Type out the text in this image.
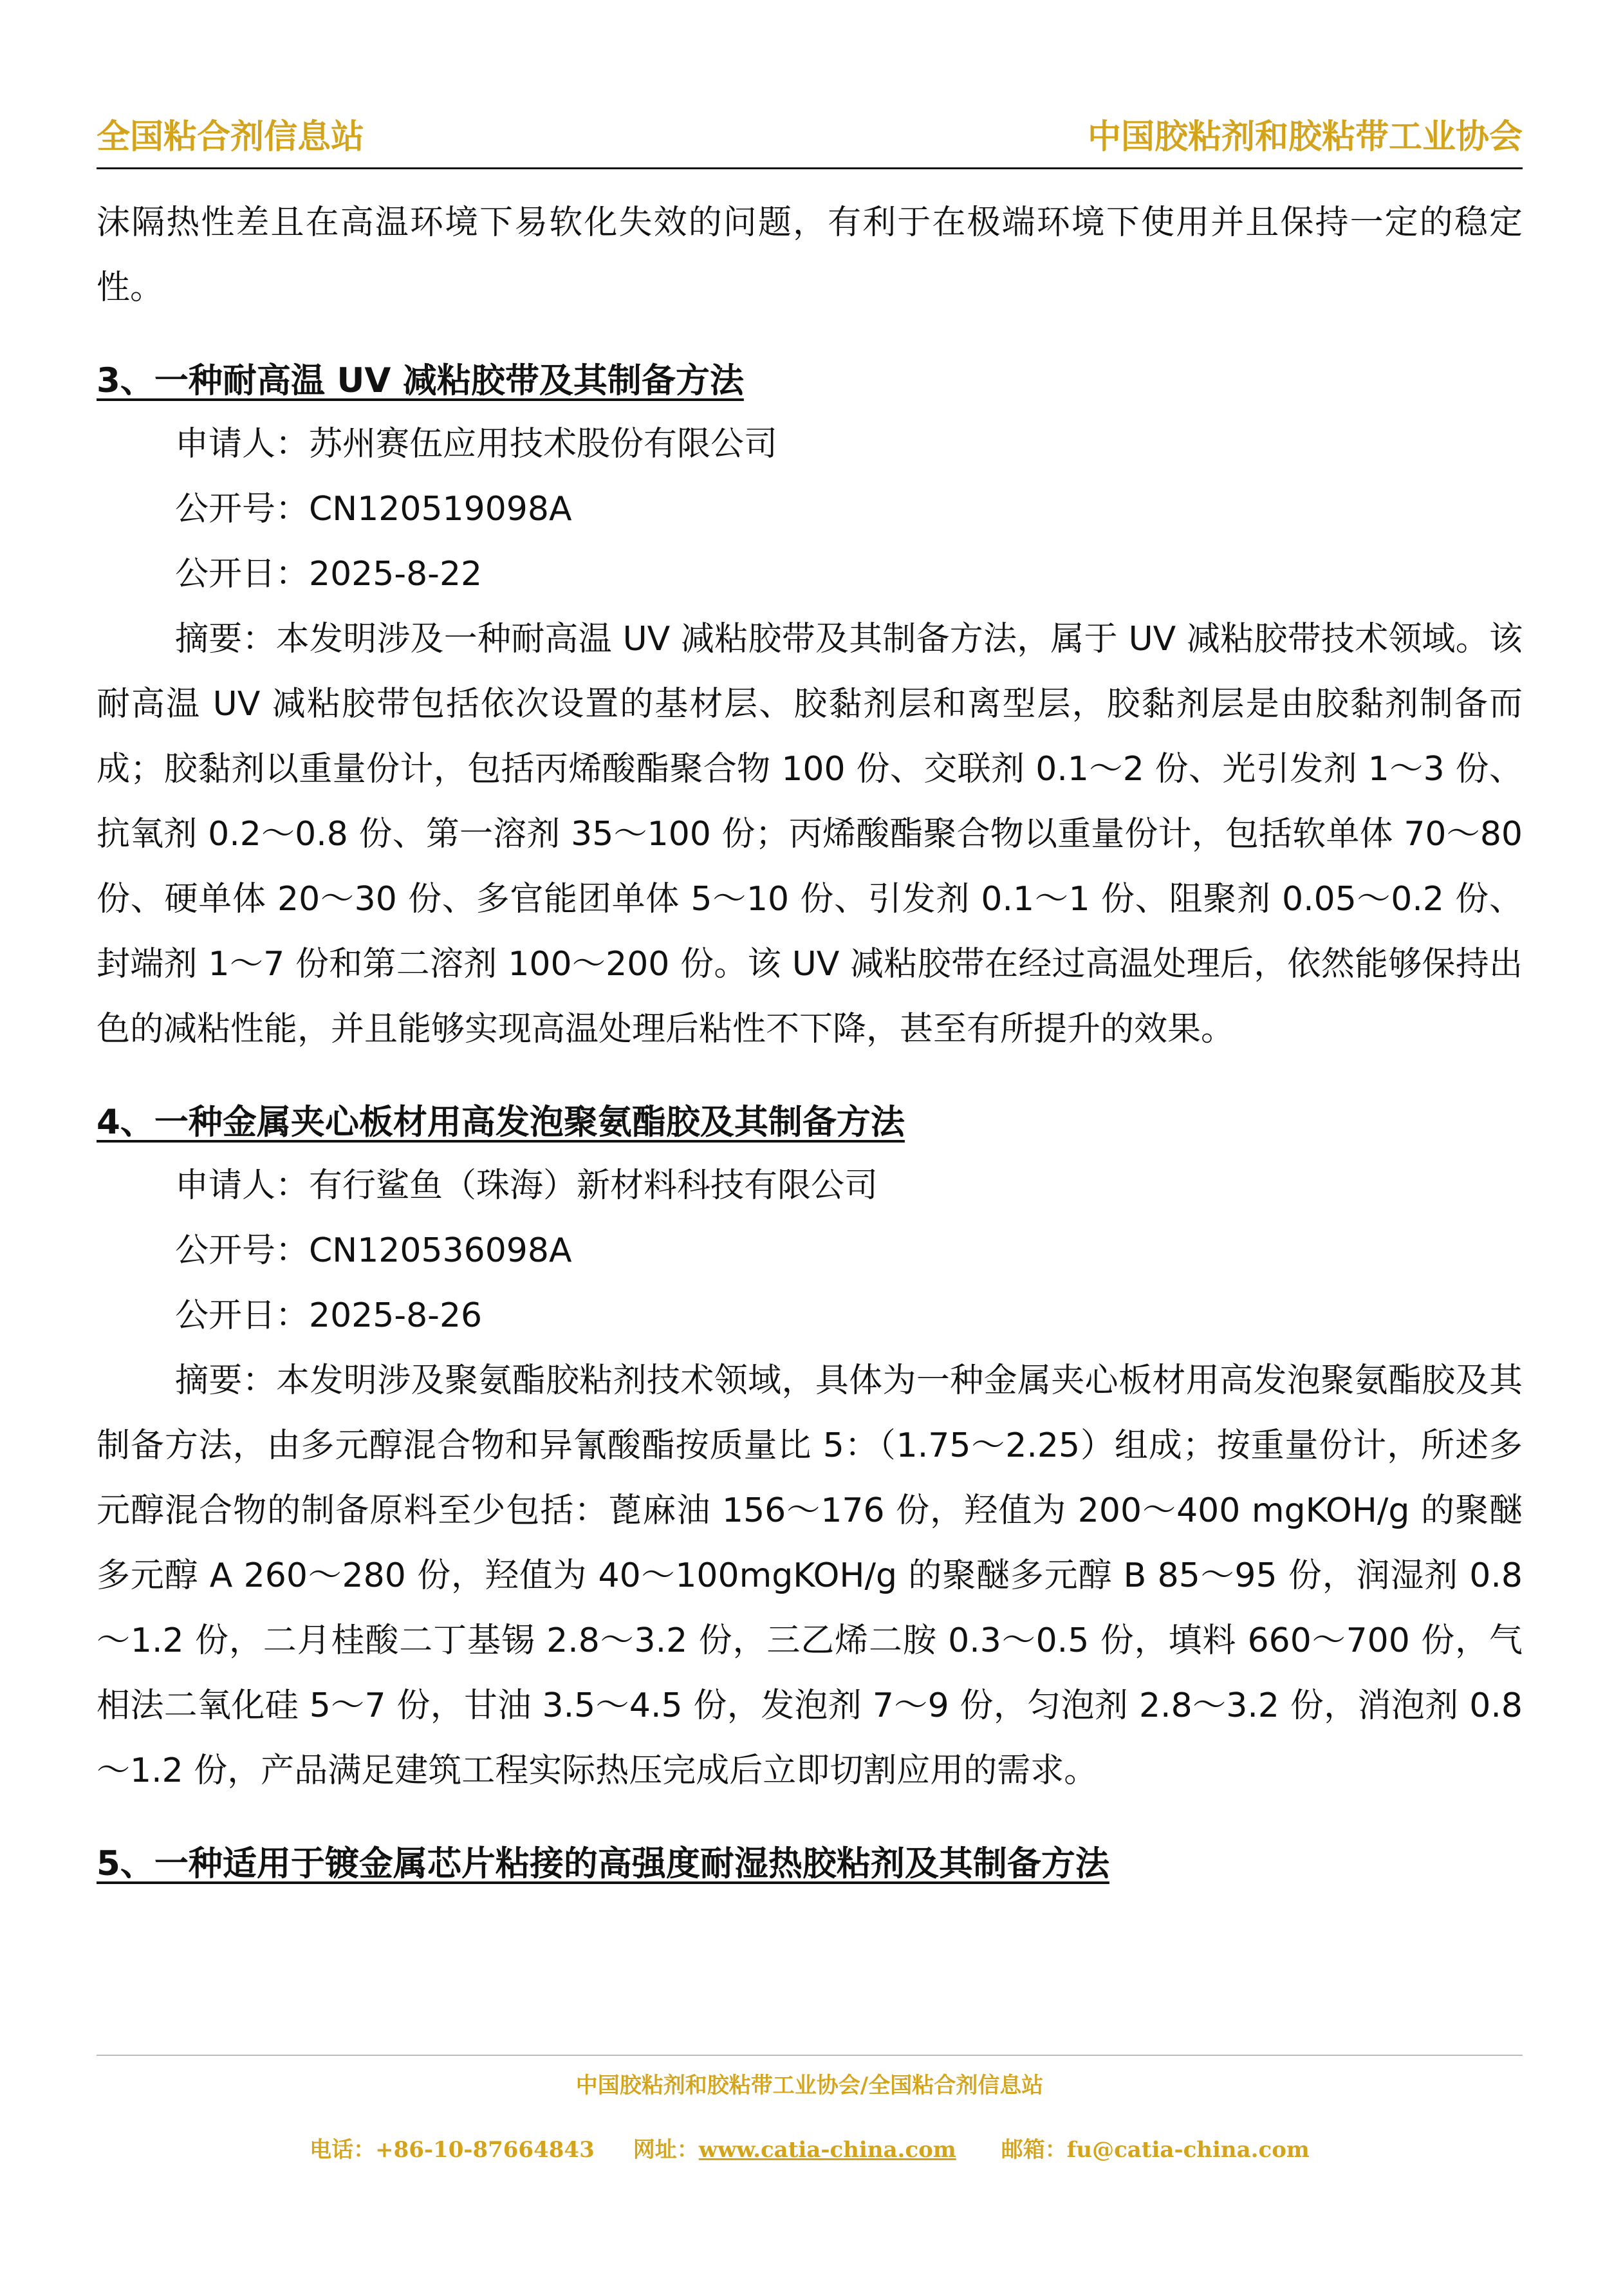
全国粘合剂信息站	中国胶粘剂和胶粘带工业协会

沫隔热性差且在高温环境下易软化失效的问题，有利于在极端环境下使用并且保持一定的稳定性。

3、一种耐高温 UV 减粘胶带及其制备方法

申请人：苏州赛伍应用技术股份有限公司

公开号：CN120519098A

公开日：2025-8-22

摘要：本发明涉及一种耐高温 UV 减粘胶带及其制备方法，属于 UV 减粘胶带技术领域。该耐高温 UV 减粘胶带包括依次设置的基材层、胶黏剂层和离型层，胶黏剂层是由胶黏剂制备而成；胶黏剂以重量份计，包括丙烯酸酯聚合物 100 份、交联剂 0.1～2 份、光引发剂 1～3 份、抗氧剂 0.2～0.8 份、第一溶剂 35～100 份；丙烯酸酯聚合物以重量份计，包括软单体 70～80 份、硬单体 20～30 份、多官能团单体 5～10 份、引发剂 0.1～1 份、阻聚剂 0.05～0.2 份、封端剂 1～7 份和第二溶剂 100～200 份。该 UV 减粘胶带在经过高温处理后，依然能够保持出色的减粘性能，并且能够实现高温处理后粘性不下降，甚至有所提升的效果。

4、一种金属夹心板材用高发泡聚氨酯胶及其制备方法

申请人：有行鲨鱼（珠海）新材料科技有限公司

公开号：CN120536098A

公开日：2025-8-26

摘要：本发明涉及聚氨酯胶粘剂技术领域，具体为一种金属夹心板材用高发泡聚氨酯胶及其制备方法，由多元醇混合物和异氰酸酯按质量比 5：（1.75～2.25）组成；按重量份计，所述多元醇混合物的制备原料至少包括：蓖麻油 156～176 份，羟值为 200～400 mgKOH/g 的聚醚多元醇 A 260～280 份，羟值为 40～100mgKOH/g 的聚醚多元醇 B 85～95 份，润湿剂 0.8～1.2 份，二月桂酸二丁基锡 2.8～3.2 份，三乙烯二胺 0.3～0.5 份，填料 660～700 份，气相法二氧化硅 5～7 份，甘油 3.5～4.5 份，发泡剂 7～9 份，匀泡剂 2.8～3.2 份，消泡剂 0.8～1.2 份，产品满足建筑工程实际热压完成后立即切割应用的需求。

5、一种适用于镀金属芯片粘接的高强度耐湿热胶粘剂及其制备方法
中国胶粘剂和胶粘带工业协会/全国粘合剂信息站
电话：+86-10-87664843 网址：www.catia-china.com 邮箱：fu@catia-china.com
